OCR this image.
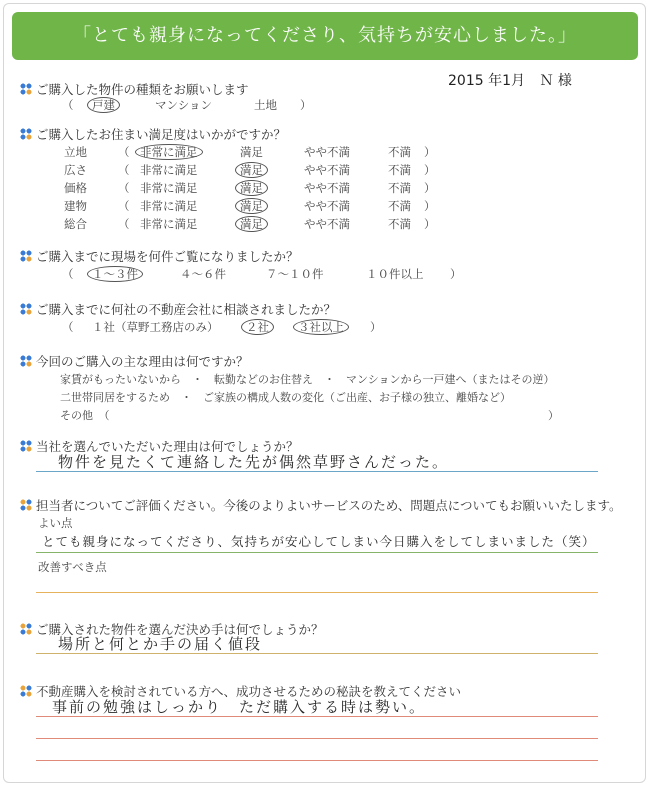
「とても親身になってくださり、気持ちが安心しました。」
2015 年1月 Ｎ 様
ご購入した物件の種類をお願いします
（ 戸建	マンション	土地 ）
ご購入したお住まい満足度はいかがですか？
立地	（ 非常に満足	満足	やや不満	不満 ）
広さ	（ 非常に満足	満足	やや不満	不満 ）
価格	（ 非常に満足	満足	やや不満	不満 ）
建物	（ 非常に満足	満足	やや不満	不満 ）
総合	（ 非常に満足	満足	やや不満	不満 ）
ご購入までに現場を何件ご覧になりましたか？
（ １～３件	４～６件	７～１０件	１０件以上 ）
ご購入までに何社の不動産会社に相談されましたか？
（ １社（草野工務店のみ） ２社	３社以上 ）
今回のご購入の主な理由は何ですか？
家賃がもったいないから　・　転勤などのお住替え　・　マンションから一戸建へ（またはその逆）
二世帯同居をするため　・　ご家族の構成人数の変化（ご出産、お子様の独立、離婚など）
その他　（	）
当社を選んでいただいた理由は何でしょうか？
物件を見たくて連絡した先が偶然草野さんだった。
担当者についてご評価ください。今後のよりよいサービスのため、問題点についてもお願いいたします。
よい点
とても親身になってくださり、気持ちが安心してしまい今日購入をしてしまいました（笑）
改善すべき点
ご購入された物件を選んだ決め手は何でしょうか？
場所と何とか手の届く値段
不動産購入を検討されている方へ、成功させるための秘訣を教えてください
事前の勉強はしっかり　ただ購入する時は勢い。
